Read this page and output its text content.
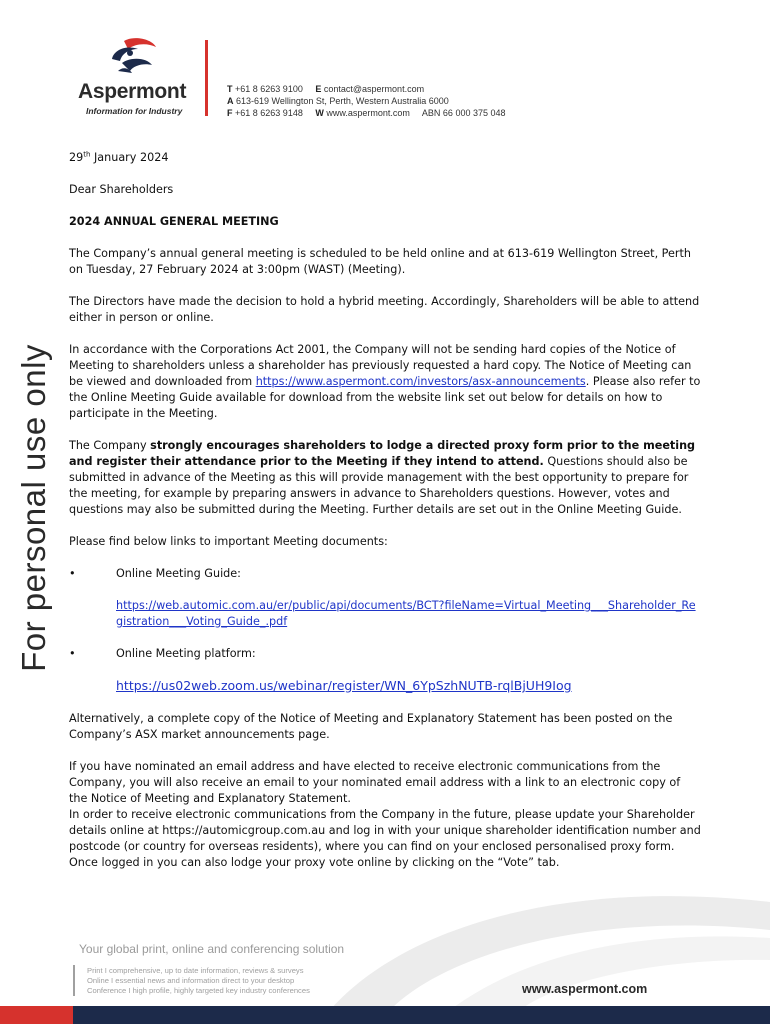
Aspermont
Information for Industry
T +61 8 6263 9100 E contact@aspermont.com
A 613-619 Wellington St, Perth, Western Australia 6000
F +61 8 6263 9148 W www.aspermont.com ABN 66 000 375 048
For personal use only

29th January 2024

Dear Shareholders

2024 ANNUAL GENERAL MEETING

The Company’s annual general meeting is scheduled to be held online and at 613-619 Wellington Street, Perth on Tuesday, 27 February 2024 at 3:00pm (WAST) (Meeting).

The Directors have made the decision to hold a hybrid meeting. Accordingly, Shareholders will be able to attend either in person or online.

In accordance with the Corporations Act 2001, the Company will not be sending hard copies of the Notice of Meeting to shareholders unless a shareholder has previously requested a hard copy. The Notice of Meeting can be viewed and downloaded from https://www.aspermont.com/investors/asx-announcements. Please also refer to the Online Meeting Guide available for download from the website link set out below for details on how to participate in the Meeting.

The Company strongly encourages shareholders to lodge a directed proxy form prior to the meeting and register their attendance prior to the Meeting if they intend to attend. Questions should also be submitted in advance of the Meeting as this will provide management with the best opportunity to prepare for the meeting, for example by preparing answers in advance to Shareholders questions. However, votes and questions may also be submitted during the Meeting. Further details are set out in the Online Meeting Guide.

Please find below links to important Meeting documents:

•	Online Meeting Guide:
https://web.automic.com.au/er/public/api/documents/BCT?fileName=Virtual_Meeting___Shareholder_Registration___Voting_Guide_.pdf
•	Online Meeting platform:
https://us02web.zoom.us/webinar/register/WN_6YpSzhNUTB-rqlBjUH9Iog

Alternatively, a complete copy of the Notice of Meeting and Explanatory Statement has been posted on the Company’s ASX market announcements page.

If you have nominated an email address and have elected to receive electronic communications from the Company, you will also receive an email to your nominated email address with a link to an electronic copy of the Notice of Meeting and Explanatory Statement.

In order to receive electronic communications from the Company in the future, please update your Shareholder details online at https://automicgroup.com.au and log in with your unique shareholder identification number and postcode (or country for overseas residents), where you can find on your enclosed personalised proxy form. Once logged in you can also lodge your proxy vote online by clicking on the “Vote” tab.

Your global print, online and conferencing solution
Print I comprehensive, up to date information, reviews & surveys
Online I essential news and information direct to your desktop
Conference I high profile, highly targeted key industry conferences	www.aspermont.com
